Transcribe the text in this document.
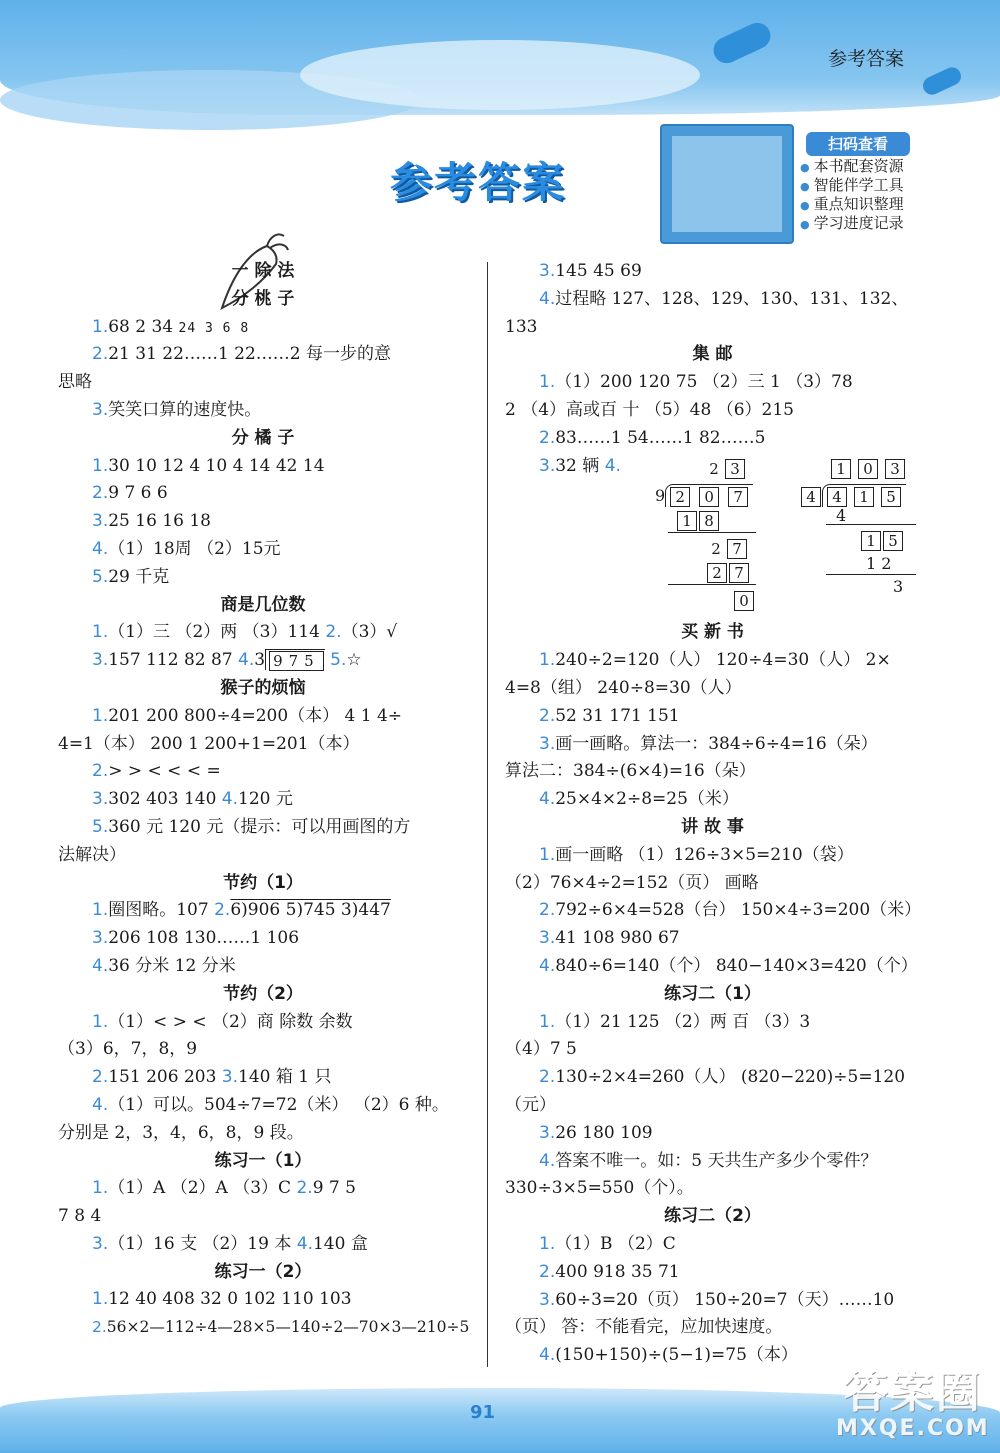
参考答案
参考答案
扫码查看
● 本书配套资源
● 智能伴学工具
● 重点知识整理
● 学习进度记录
一 除 法
分 桃 子
1.68 2 34 24 3 6 8
2.21 31 22……1 22……2 每一步的意
思略
3.笑笑口算的速度快。
分 橘 子
1.30 10 12 4 10 4 14 42 14
2.9 7 6 6
3.25 16 16 18
4.（1）18周 （2）15元
5.29 千克
商是几位数
1.（1）三 （2）两 （3）114 2.（3）√
3.157 112 82 87 4.3 975 5.☆
猴子的烦恼
1.201 200 800÷4=200（本） 4 1 4÷
4=1（本） 200 1 200+1=201（本）
2.> > < < < =
3.302 403 140 4.120 元
5.360 元 120 元（提示：可以用画图的方
法解决）
节约（1）
1.圈图略。107 2.6)906 5)745 3)447
3.206 108 130……1 106
4.36 分米 12 分米
节约（2）
1.（1）< > < （2）商 除数 余数
（3）6，7，8，9
2.151 206 203 3.140 箱 1 只
4.（1）可以。504÷7=72（米） （2）6 种。
分别是 2，3，4，6，8，9 段。
练习一（1）
1.（1）A （2）A （3）C 2.9 7 5
7 8 4
3.（1）16 支 （2）19 本 4.140 盒
练习一（2）
1.12 40 408 32 0 102 110 103
2.56×2—112÷4—28×5—140÷2—70×3—210÷5
3.145 45 69
4.过程略 127、128、129、130、131、132、
133
集 邮
1.（1）200 120 75 （2）三 1 （3）78
2 （4）高或百 十 （5）48 （6）215
2.83……1 54……1 82……5
3.32 辆 4.
买 新 书
1.240÷2=120（人） 120÷4=30（人） 2×
4=8（组） 240÷8=30（人）
2.52 31 171 151
3.画一画略。算法一：384÷6÷4=16（朵）
算法二：384÷(6×4)=16（朵）
4.25×4×2÷8=25（米）
讲 故 事
1.画一画略 （1）126÷3×5=210（袋）
（2）76×4÷2=152（页） 画略
2.792÷6×4=528（台） 150×4÷3=200（米）
3.41 108 980 67
4.840÷6=140（个） 840−140×3=420（个）
练习二（1）
1.（1）21 125 （2）两 百 （3）3
（4）7 5
2.130÷2×4=260（人） (820−220)÷5=120
（元）
3.26 180 109
4.答案不唯一。如：5 天共生产多少个零件？
330÷3×5=550（个）。
练习二（2）
1.（1）B （2）C
2.400 918 35 71
3.60÷3=20（页） 150÷20=7（天）……10
（页） 答：不能看完，应加快速度。
4.(150+150)÷(5−1)=75（本）
2 3
9 2 0 7
1 8
2 7
2 7
0
1 0 3
4 4 1 5
4
1 5
1 2
3
91	答案圈
MXQE.COM
